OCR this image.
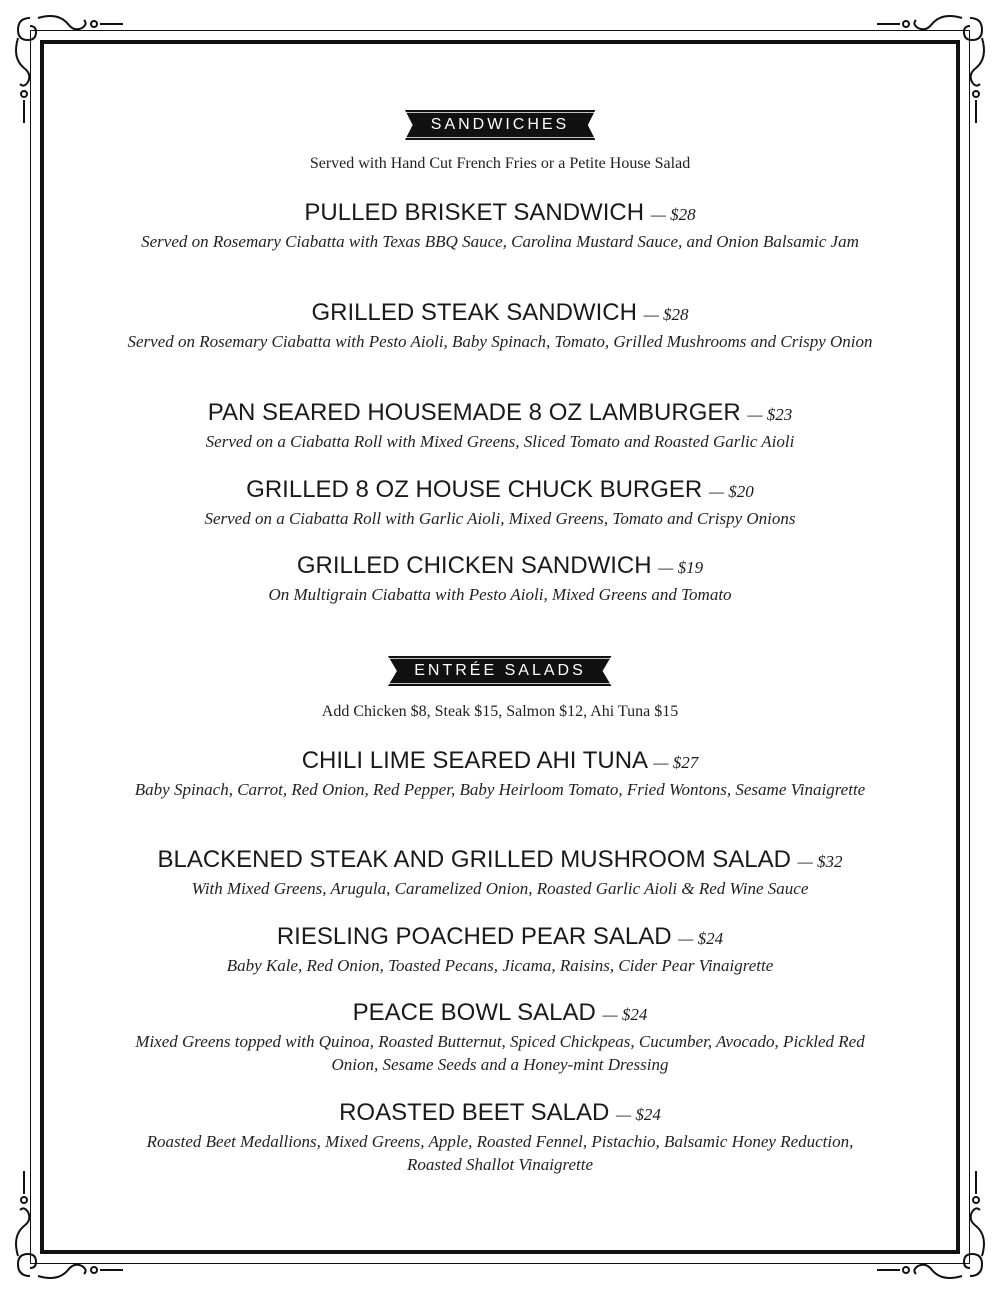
SANDWICHES
Served with Hand Cut French Fries or a Petite House Salad
PULLED BRISKET SANDWICH — $28
Served on Rosemary Ciabatta with Texas BBQ Sauce, Carolina Mustard Sauce, and Onion Balsamic Jam
GRILLED STEAK SANDWICH — $28
Served on Rosemary Ciabatta with Pesto Aioli, Baby Spinach, Tomato, Grilled Mushrooms and Crispy Onion
PAN SEARED HOUSEMADE 8 OZ LAMBURGER — $23
Served on a Ciabatta Roll with Mixed Greens, Sliced Tomato and Roasted Garlic Aioli
GRILLED 8 OZ HOUSE CHUCK BURGER — $20
Served on a Ciabatta Roll with Garlic Aioli, Mixed Greens, Tomato and Crispy Onions
GRILLED CHICKEN SANDWICH — $19
On Multigrain Ciabatta with Pesto Aioli, Mixed Greens and Tomato
ENTRÉE SALADS
Add Chicken $8, Steak $15, Salmon $12, Ahi Tuna $15
CHILI LIME SEARED AHI TUNA — $27
Baby Spinach, Carrot, Red Onion, Red Pepper, Baby Heirloom Tomato, Fried Wontons, Sesame Vinaigrette
BLACKENED STEAK AND GRILLED MUSHROOM SALAD — $32
With Mixed Greens, Arugula, Caramelized Onion, Roasted Garlic Aioli & Red Wine Sauce
RIESLING POACHED PEAR SALAD — $24
Baby Kale, Red Onion, Toasted Pecans, Jicama, Raisins, Cider Pear Vinaigrette
PEACE BOWL SALAD — $24
Mixed Greens topped with Quinoa, Roasted Butternut, Spiced Chickpeas, Cucumber, Avocado, Pickled Red Onion, Sesame Seeds and a Honey-mint Dressing
ROASTED BEET SALAD — $24
Roasted Beet Medallions, Mixed Greens, Apple, Roasted Fennel, Pistachio, Balsamic Honey Reduction, Roasted Shallot Vinaigrette
